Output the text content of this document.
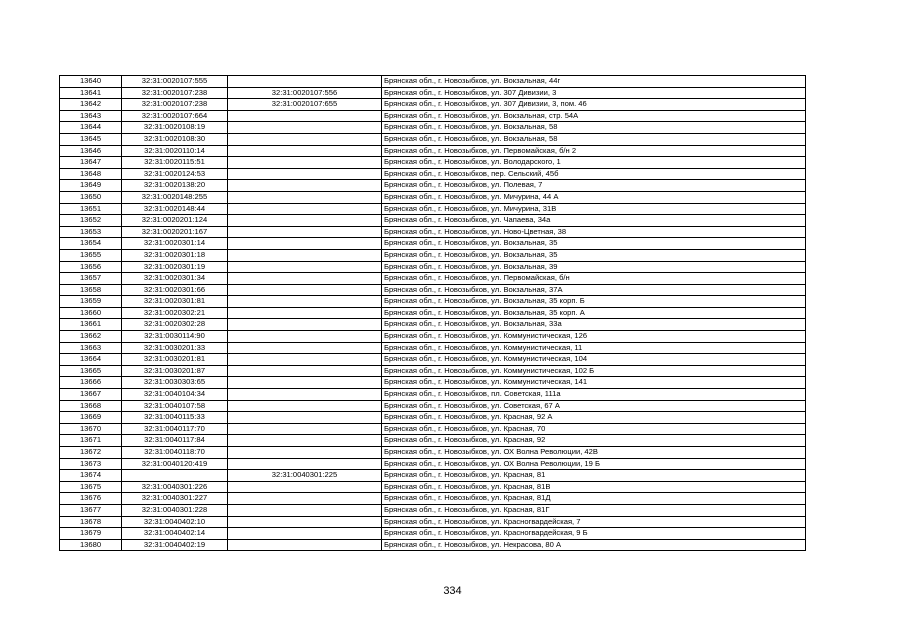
13640	32:31:0020107:555		Брянская обл., г. Новозыбков, ул. Вокзальная, 44г
13641	32:31:0020107:238	32:31:0020107:556	Брянская обл., г. Новозыбков, ул. 307 Дивизии, 3
13642	32:31:0020107:238	32:31:0020107:655	Брянская обл., г. Новозыбков, ул. 307 Дивизии, 3, пом. 46
13643	32:31:0020107:664		Брянская обл., г. Новозыбков, ул. Вокзальная, стр. 54А
13644	32:31:0020108:19		Брянская обл., г. Новозыбков, ул. Вокзальная, 58
13645	32:31:0020108:30		Брянская обл., г. Новозыбков, ул. Вокзальная, 58
13646	32:31:0020110:14		Брянская обл., г. Новозыбков, ул. Первомайская, б/н 2
13647	32:31:0020115:51		Брянская обл., г. Новозыбков, ул. Володарского, 1
13648	32:31:0020124:53		Брянская обл., г. Новозыбков, пер. Сельский, 45б
13649	32:31:0020138:20		Брянская обл., г. Новозыбков, ул. Полевая, 7
13650	32:31:0020148:255		Брянская обл., г. Новозыбков, ул. Мичурина, 44 А
13651	32:31:0020148:44		Брянская обл., г. Новозыбков, ул. Мичурина, 31В
13652	32:31:0020201:124		Брянская обл., г. Новозыбков, ул. Чапаева, 34а
13653	32:31:0020201:167		Брянская обл., г. Новозыбков, ул. Ново-Цветная, 38
13654	32:31:0020301:14		Брянская обл., г. Новозыбков, ул. Вокзальная, 35
13655	32:31:0020301:18		Брянская обл., г. Новозыбков, ул. Вокзальная, 35
13656	32:31:0020301:19		Брянская обл., г. Новозыбков, ул. Вокзальная, 39
13657	32:31:0020301:34		Брянская обл., г. Новозыбков, ул. Первомайская, б/н
13658	32:31:0020301:66		Брянская обл., г. Новозыбков, ул. Вокзальная, 37А
13659	32:31:0020301:81		Брянская обл., г. Новозыбков, ул. Вокзальная, 35 корп. Б
13660	32:31:0020302:21		Брянская обл., г. Новозыбков, ул. Вокзальная, 35 корп. А
13661	32:31:0020302:28		Брянская обл., г. Новозыбков, ул. Вокзальная, 33а
13662	32:31:0030114:90		Брянская обл., г. Новозыбков, ул. Коммунистическая, 126
13663	32:31:0030201:33		Брянская обл., г. Новозыбков, ул. Коммунистическая, 11
13664	32:31:0030201:81		Брянская обл., г. Новозыбков, ул. Коммунистическая, 104
13665	32:31:0030201:87		Брянская обл., г. Новозыбков, ул. Коммунистическая, 102 Б
13666	32:31:0030303:65		Брянская обл., г. Новозыбков, ул. Коммунистическая, 141
13667	32:31:0040104:34		Брянская обл., г. Новозыбков, пл. Советская, 111а
13668	32:31:0040107:58		Брянская обл., г. Новозыбков, ул. Советская, 67 А
13669	32:31:0040115:33		Брянская обл., г. Новозыбков, ул. Красная, 92 А
13670	32:31:0040117:70		Брянская обл., г. Новозыбков, ул. Красная, 70
13671	32:31:0040117:84		Брянская обл., г. Новозыбков, ул. Красная, 92
13672	32:31:0040118:70		Брянская обл., г. Новозыбков, ул. ОХ Волна Революции, 42В
13673	32:31:0040120:419		Брянская обл., г. Новозыбков, ул. ОХ Волна Революции, 19 Б
13674		32:31:0040301:225	Брянская обл., г. Новозыбков, ул. Красная, 81
13675	32:31:0040301:226		Брянская обл., г. Новозыбков, ул. Красная, 81В
13676	32:31:0040301:227		Брянская обл., г. Новозыбков, ул. Красная, 81Д
13677	32:31:0040301:228		Брянская обл., г. Новозыбков, ул. Красная, 81Г
13678	32:31:0040402:10		Брянская обл., г. Новозыбков, ул. Красногвардейская, 7
13679	32:31:0040402:14		Брянская обл., г. Новозыбков, ул. Красногвардейская, 9 Б
13680	32:31:0040402:19		Брянская обл., г. Новозыбков, ул. Некрасова, 80 А
334
